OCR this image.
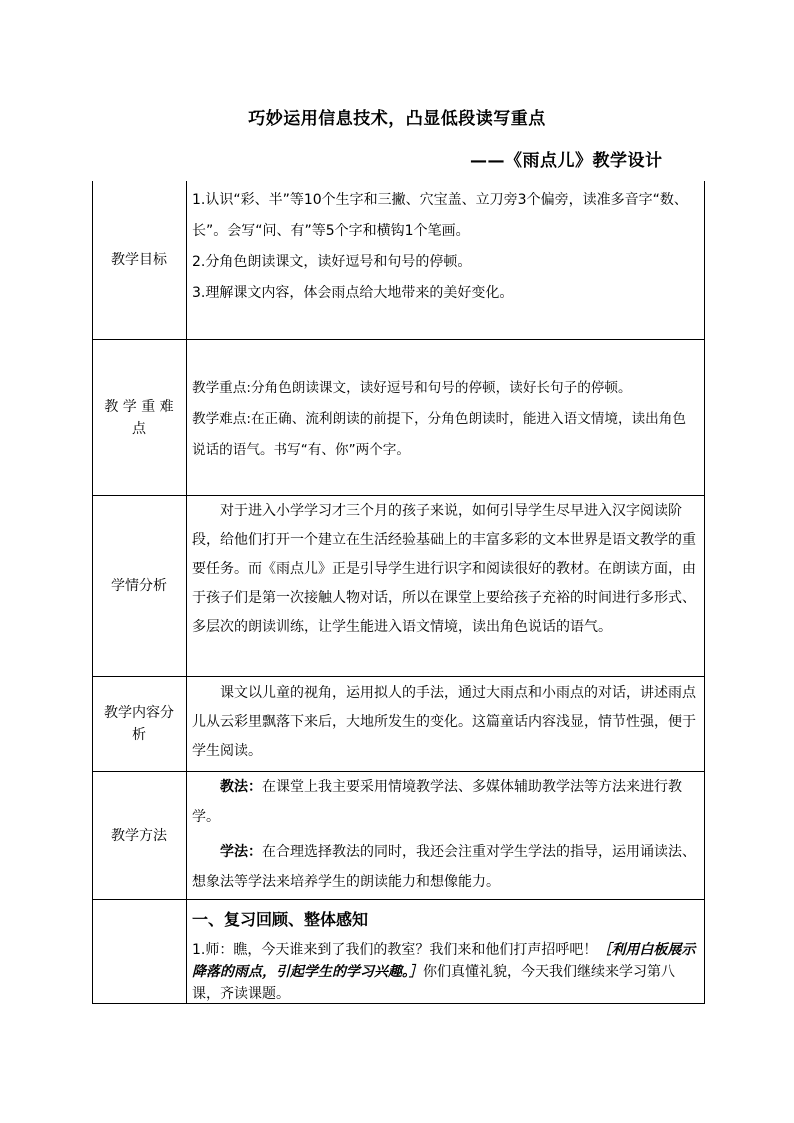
巧妙运用信息技术，凸显低段读写重点
——《雨点儿》教学设计
教学目标

1.认识“彩、半”等10个生字和三撇、穴宝盖、立刀旁3个偏旁，读准多音字“数、长”。会写“问、有”等5个字和横钩1个笔画。

2.分角色朗读课文，读好逗号和句号的停顿。

3.理解课文内容，体会雨点给大地带来的美好变化。

教 学 重 难 点

教学重点:分角色朗读课文，读好逗号和句号的停顿，读好长句子的停顿。

教学难点:在正确、流利朗读的前提下，分角色朗读时，能进入语文情境，读出角色说话的语气。书写“有、你”两个字。

学情分析

对于进入小学学习才三个月的孩子来说，如何引导学生尽早进入汉字阅读阶段，给他们打开一个建立在生活经验基础上的丰富多彩的文本世界是语文教学的重要任务。而《雨点儿》正是引导学生进行识字和阅读很好的教材。在朗读方面，由于孩子们是第一次接触人物对话，所以在课堂上要给孩子充裕的时间进行多形式、多层次的朗读训练，让学生能进入语文情境，读出角色说话的语气。

教学内容分析

课文以儿童的视角，运用拟人的手法，通过大雨点和小雨点的对话，讲述雨点儿从云彩里飘落下来后，大地所发生的变化。这篇童话内容浅显，情节性强，便于学生阅读。

教学方法

教法：在课堂上我主要采用情境教学法、多媒体辅助教学法等方法来进行教学。

学法：在合理选择教法的同时，我还会注重对学生学法的指导，运用诵读法、想象法等学法来培养学生的朗读能力和想像能力。

一、复习回顾、整体感知

1.师：瞧，今天谁来到了我们的教室？我们来和他们打声招呼吧！［利用白板展示降落的雨点，引起学生的学习兴趣。］你们真懂礼貌，今天我们继续来学习第八课，齐读课题。
